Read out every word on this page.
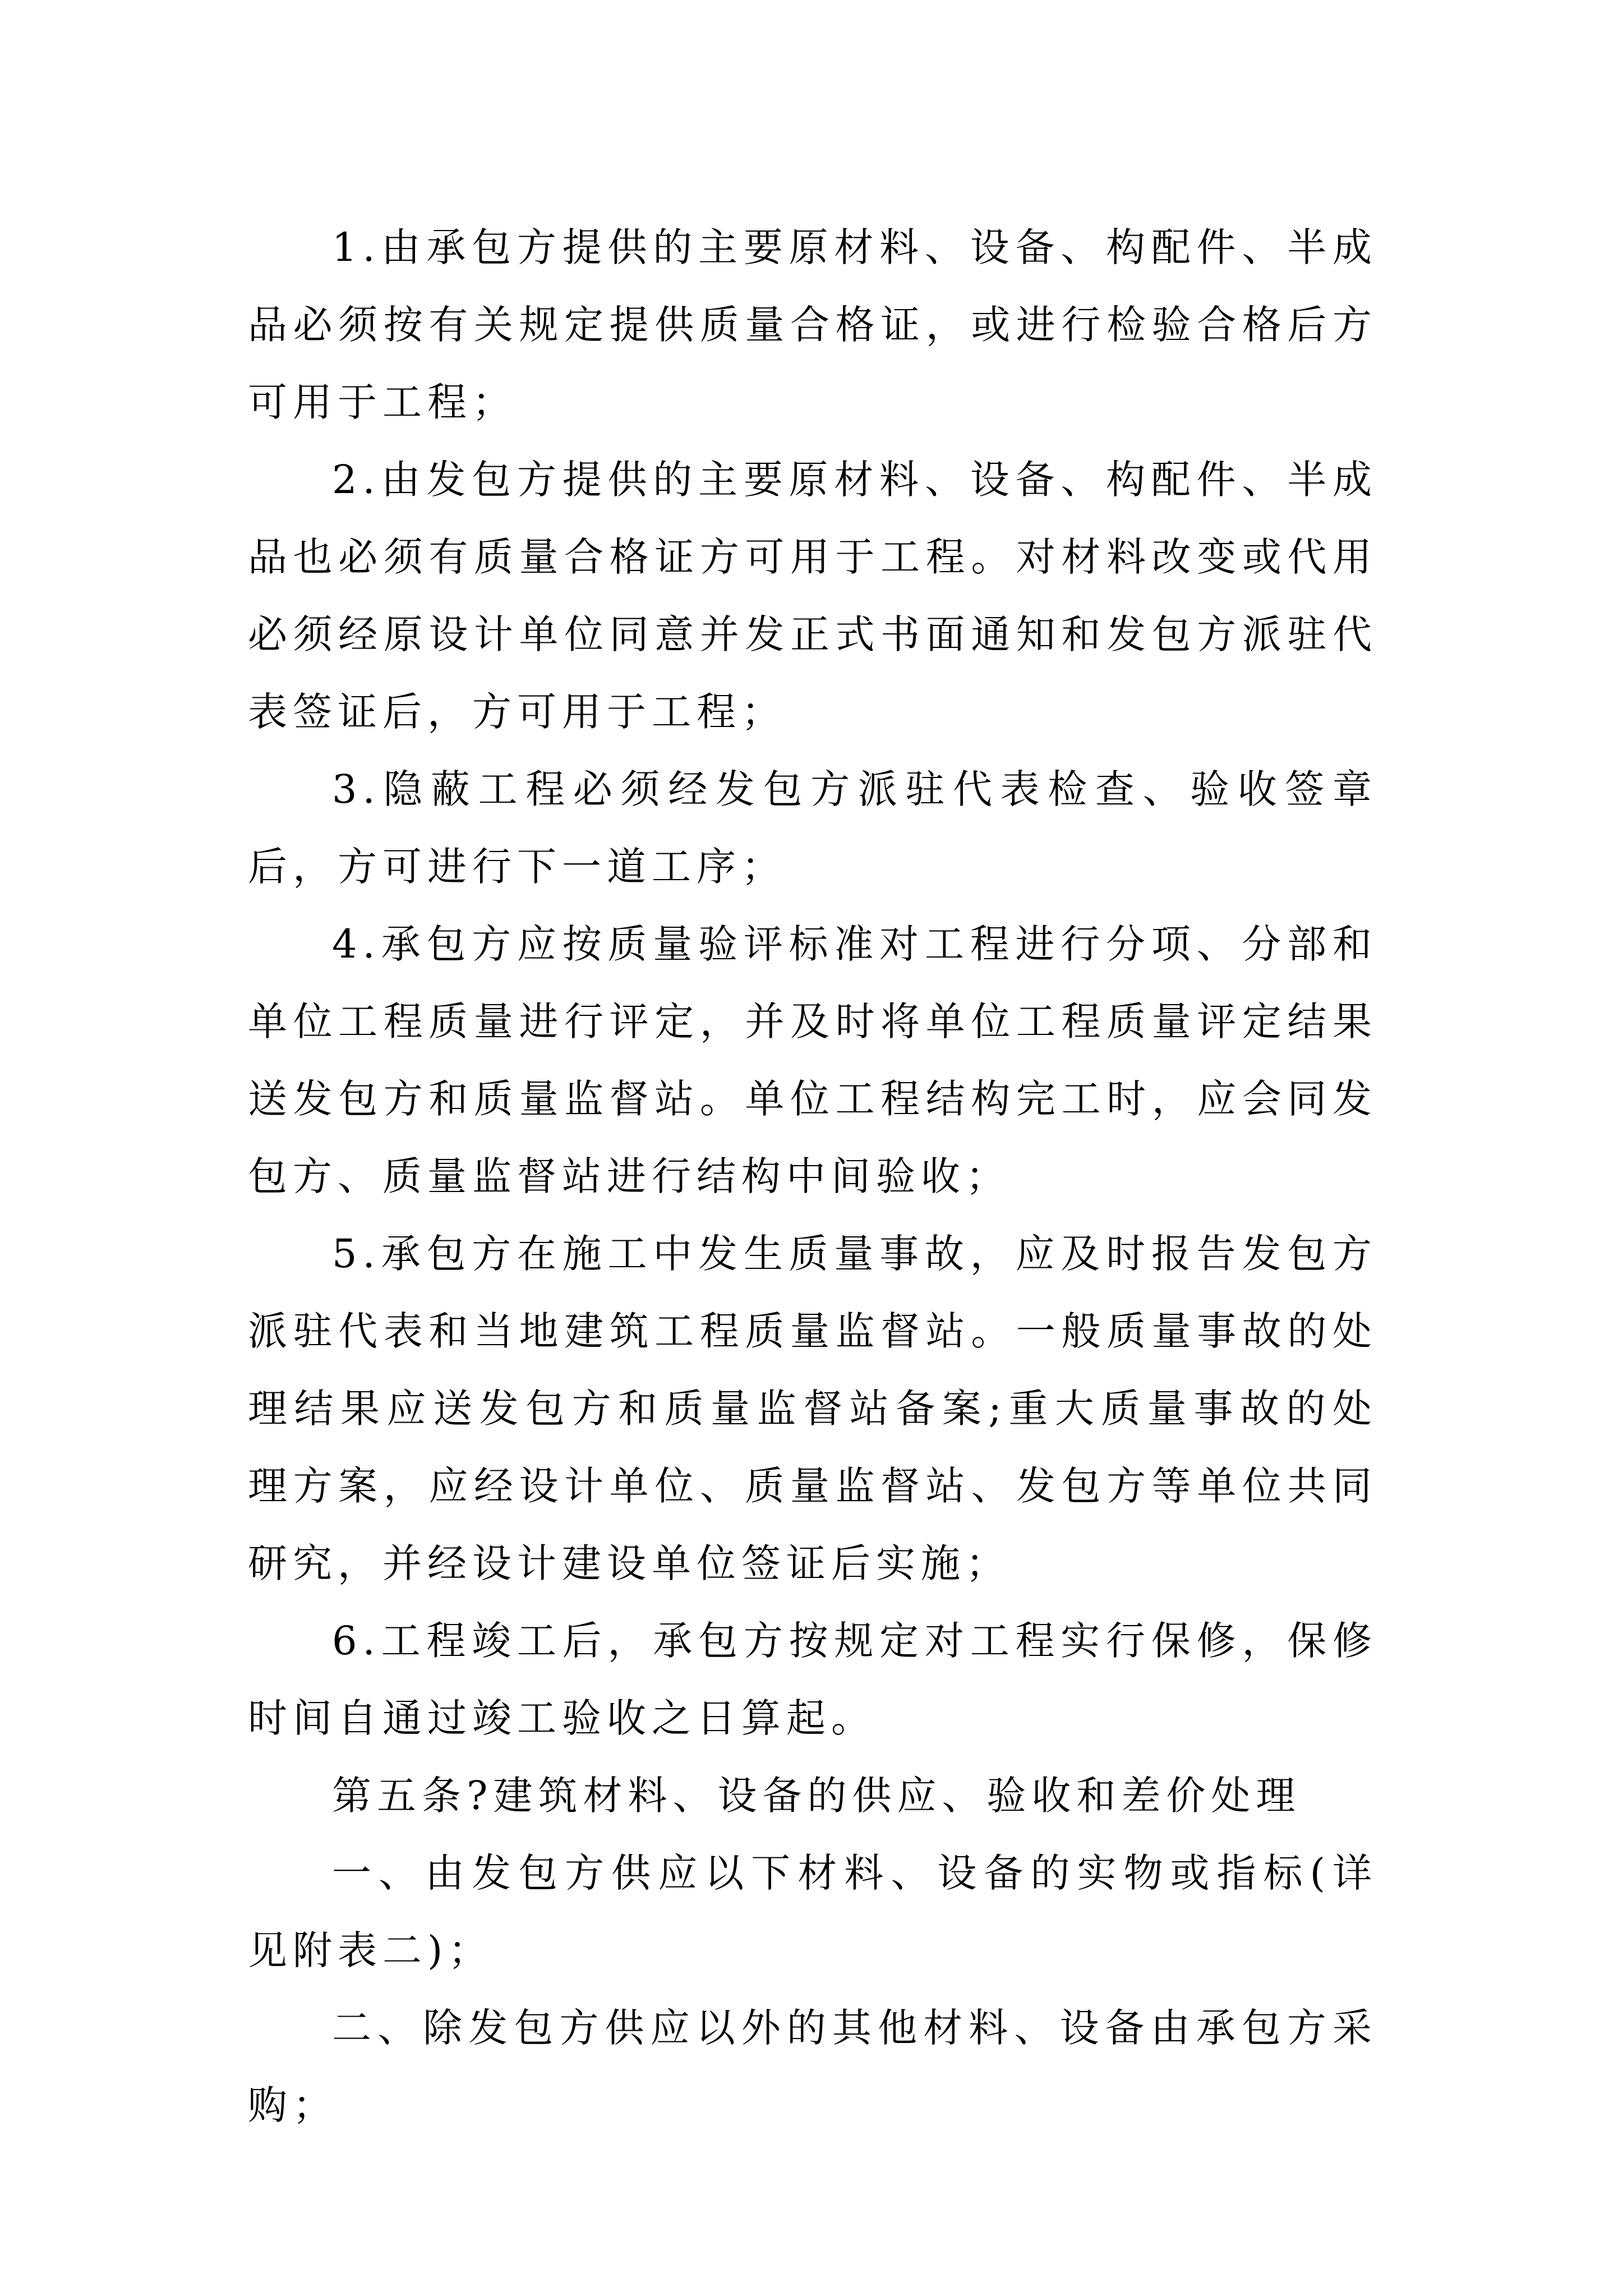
1.由承包方提供的主要原材料、设备、构配件、半成品必须按有关规定提供质量合格证，或进行检验合格后方可用于工程；

2.由发包方提供的主要原材料、设备、构配件、半成品也必须有质量合格证方可用于工程。对材料改变或代用必须经原设计单位同意并发正式书面通知和发包方派驻代表签证后，方可用于工程；

3.隐蔽工程必须经发包方派驻代表检查、验收签章后，方可进行下一道工序；

4.承包方应按质量验评标准对工程进行分项、分部和单位工程质量进行评定，并及时将单位工程质量评定结果送发包方和质量监督站。单位工程结构完工时，应会同发包方、质量监督站进行结构中间验收；

5.承包方在施工中发生质量事故，应及时报告发包方派驻代表和当地建筑工程质量监督站。一般质量事故的处理结果应送发包方和质量监督站备案;重大质量事故的处理方案，应经设计单位、质量监督站、发包方等单位共同研究，并经设计建设单位签证后实施；

6.工程竣工后，承包方按规定对工程实行保修，保修时间自通过竣工验收之日算起。

第五条?建筑材料、设备的供应、验收和差价处理

一、由发包方供应以下材料、设备的实物或指标(详见附表二)；

二、除发包方供应以外的其他材料、设备由承包方采购；
